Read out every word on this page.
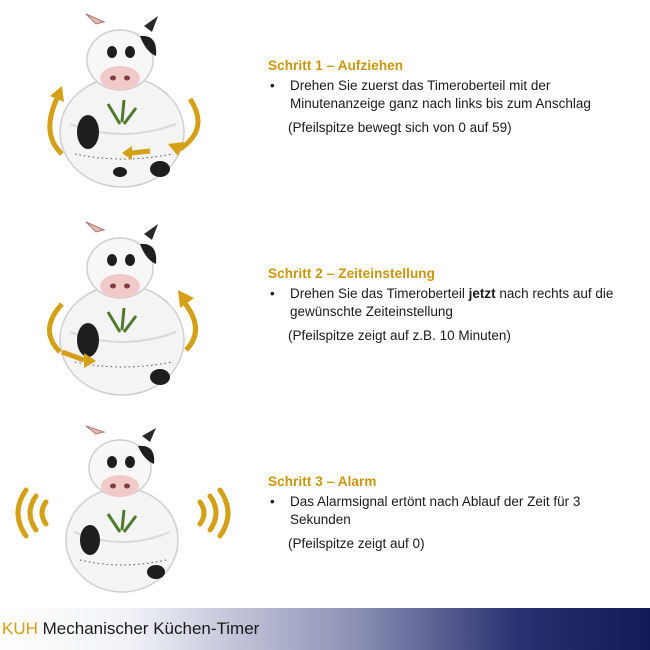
Schritt 1 – Aufziehen
•	Drehen Sie zuerst das Timeroberteil mit der Minutenanzeige ganz nach links bis zum Anschlag
(Pfeilspitze bewegt sich von 0 auf 59)
Schritt 2 – Zeiteinstellung
•	Drehen Sie das Timeroberteil jetzt nach rechts auf die gewünschte Zeiteinstellung
(Pfeilspitze zeigt auf z.B. 10 Minuten)
Schritt 3 – Alarm
•	Das Alarmsignal ertönt nach Ablauf der Zeit für 3 Sekunden
(Pfeilspitze zeigt auf 0)
KUH Mechanischer Küchen-Timer
